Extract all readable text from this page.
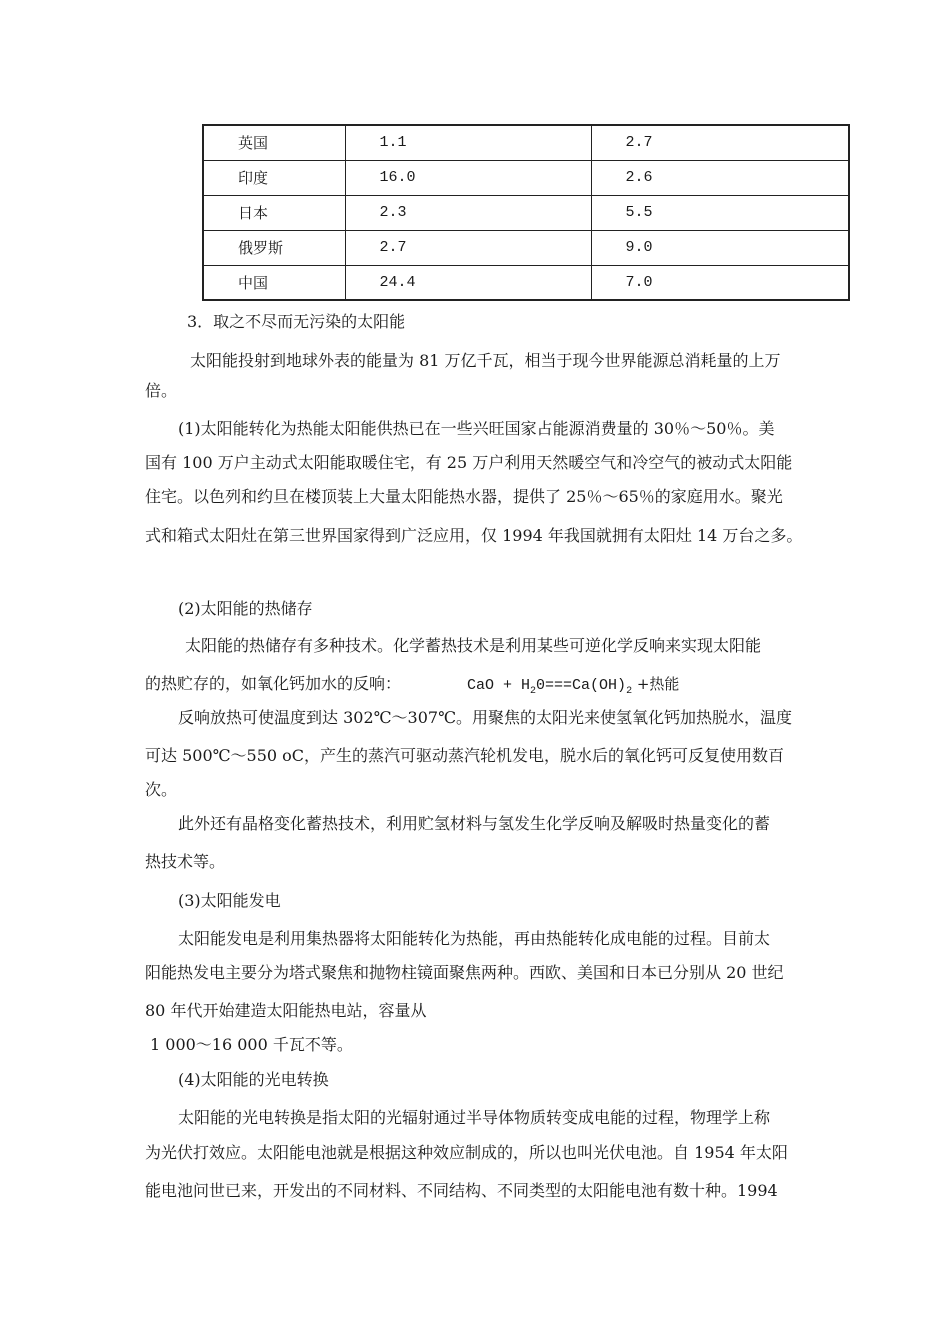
英国	1.1	2.7
印度	16.0	2.6
日本	2.3	5.5
俄罗斯	2.7	9.0
中国	24.4	7.0
3．取之不尽而无污染的太阳能
太阳能投射到地球外表的能量为 81 万亿千瓦，相当于现今世界能源总消耗量的上万
倍。
(1)太阳能转化为热能太阳能供热已在一些兴旺国家占能源消费量的 30％～50％。美
国有 100 万户主动式太阳能取暖住宅，有 25 万户利用天然暖空气和冷空气的被动式太阳能
住宅。以色列和约旦在楼顶装上大量太阳能热水器，提供了 25％～65％的家庭用水。聚光
式和箱式太阳灶在第三世界国家得到广泛应用，仅 1994 年我国就拥有太阳灶 14 万台之多。
(2)太阳能的热储存
太阳能的热储存有多种技术。化学蓄热技术是利用某些可逆化学反响来实现太阳能
的热贮存的，如氧化钙加水的反响：	CaO + $H_20===Ca(OH)_2$ +热能
反响放热可使温度到达 302℃～307℃。用聚焦的太阳光来使氢氧化钙加热脱水，温度
可达 500℃～550 oC，产生的蒸汽可驱动蒸汽轮机发电，脱水后的氧化钙可反复使用数百
次。
此外还有晶格变化蓄热技术，利用贮氢材料与氢发生化学反响及解吸时热量变化的蓄
热技术等。
(3)太阳能发电
太阳能发电是利用集热器将太阳能转化为热能，再由热能转化成电能的过程。目前太
阳能热发电主要分为塔式聚焦和抛物柱镜面聚焦两种。西欧、美国和日本已分别从 20 世纪
80 年代开始建造太阳能热电站，容量从
1 000～16 000 千瓦不等。
(4)太阳能的光电转换
太阳能的光电转换是指太阳的光辐射通过半导体物质转变成电能的过程，物理学上称
为光伏打效应。太阳能电池就是根据这种效应制成的，所以也叫光伏电池。自 1954 年太阳
能电池问世已来，开发出的不同材料、不同结构、不同类型的太阳能电池有数十种。1994
